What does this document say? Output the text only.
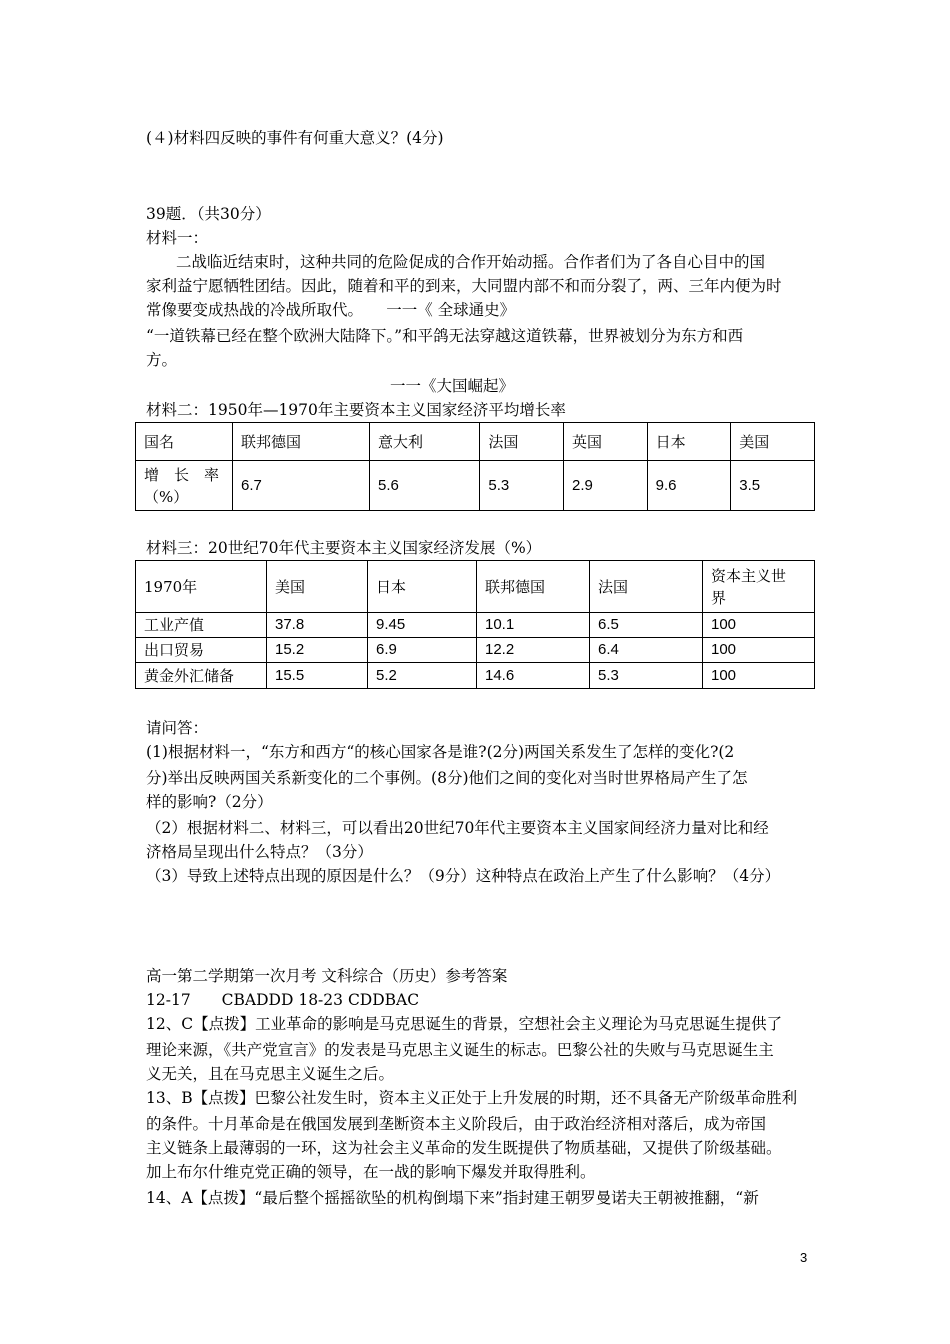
(４)材料四反映的事件有何重大意义？(4分)
39题．（共30分）
材料一：
二战临近结束时，这种共同的危险促成的合作开始动摇。合作者们为了各自心目中的国
家利益宁愿牺牲团结。因此，随着和平的到来，大同盟内部不和而分裂了，两、三年内便为时
常像要变成热战的冷战所取代。　　一一《 全球通史》
“一道铁幕已经在整个欧洲大陆降下。”和平鸽无法穿越这道铁幕，世界被划分为东方和西
方。
一一《大国崛起》
材料二：1950年—1970年主要资本主义国家经济平均增长率
国名	联邦德国	意大利	法国	英国	日本	美国

增　长　率
（%）	6.7	5.6	5.3	2.9	9.6	3.5
材料三：20世纪70年代主要资本主义国家经济发展（%）
1970年	美国	日本	联邦德国	法国	资本主义世
界

工业产值	37.8	9.45	10.1	6.5	100
出口贸易	15.2	6.9	12.2	6.4	100
黄金外汇储备	15.5	5.2	14.6	5.3	100
请问答：
(1)根据材料一，“东方和西方“的核心国家各是谁?(2分)两国关系发生了怎样的变化?(2
分)举出反映两国关系新变化的二个事例。(8分)他们之间的变化对当时世界格局产生了怎
样的影响?（2分）
（2）根据材料二、材料三，可以看出20世纪70年代主要资本主义国家间经济力量对比和经
济格局呈现出什么特点？（3分）
（3）导致上述特点出现的原因是什么？（9分）这种特点在政治上产生了什么影响？（4分）
高一第二学期第一次月考 文科综合（历史）参考答案
12-17　　CBADDD 18-23 CDDBAC
12、C【点拨】工业革命的影响是马克思诞生的背景，空想社会主义理论为马克思诞生提供了
理论来源，《共产党宣言》的发表是马克思主义诞生的标志。巴黎公社的失败与马克思诞生主
义无关，且在马克思主义诞生之后。
13、B【点拨】巴黎公社发生时，资本主义正处于上升发展的时期，还不具备无产阶级革命胜利
的条件。十月革命是在俄国发展到垄断资本主义阶段后，由于政治经济相对落后，成为帝国
主义链条上最薄弱的一环，这为社会主义革命的发生既提供了物质基础，又提供了阶级基础。
加上布尔什维克党正确的领导，在一战的影响下爆发并取得胜利。
14、A【点拨】“最后整个摇摇欲坠的机构倒塌下来”指封建王朝罗曼诺夫王朝被推翻，“新
3
